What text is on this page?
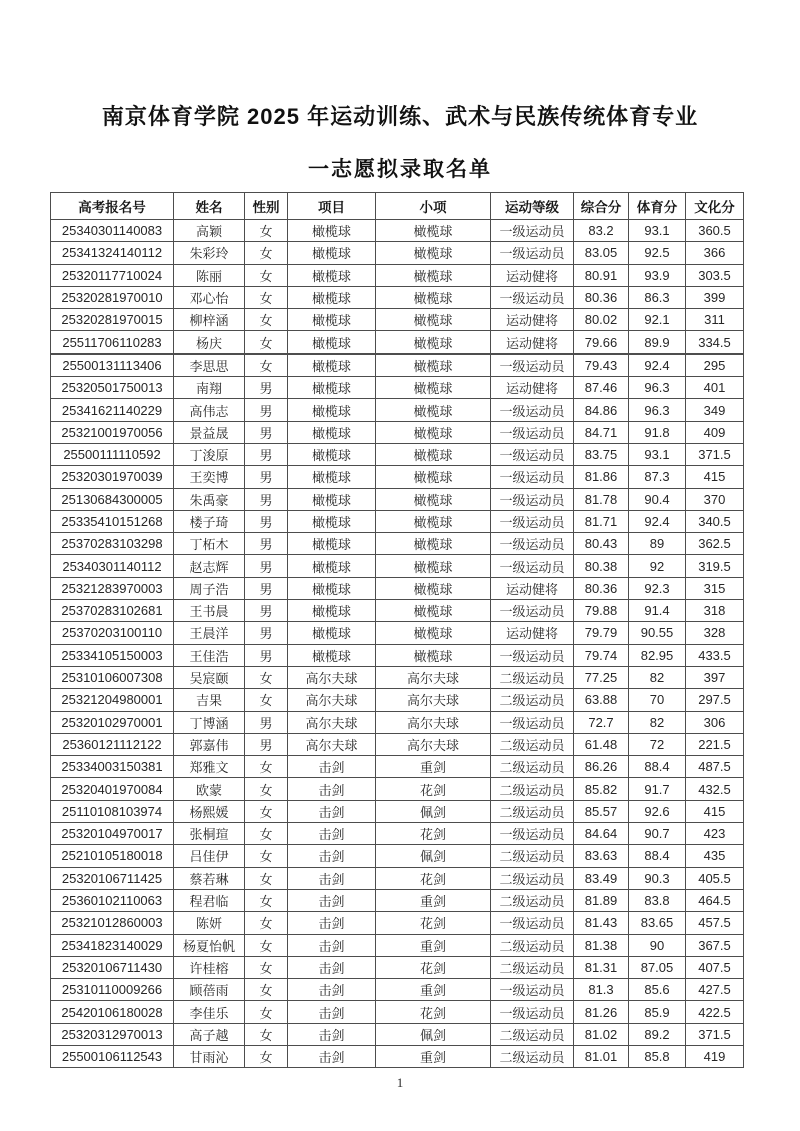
南京体育学院 2025 年运动训练、武术与民族传统体育专业
一志愿拟录取名单
高考报名号	姓名	性别	项目	小项	运动等级	综合分	体育分	文化分
25340301140083	高颖	女	橄榄球	橄榄球	一级运动员	83.2	93.1	360.5
25341324140112	朱彩玲	女	橄榄球	橄榄球	一级运动员	83.05	92.5	366
25320117710024	陈丽	女	橄榄球	橄榄球	运动健将	80.91	93.9	303.5
25320281970010	邓心怡	女	橄榄球	橄榄球	一级运动员	80.36	86.3	399
25320281970015	柳梓涵	女	橄榄球	橄榄球	运动健将	80.02	92.1	311
25511706110283	杨庆	女	橄榄球	橄榄球	运动健将	79.66	89.9	334.5
25500131113406	李思思	女	橄榄球	橄榄球	一级运动员	79.43	92.4	295
25320501750013	南翔	男	橄榄球	橄榄球	运动健将	87.46	96.3	401
25341621140229	高伟志	男	橄榄球	橄榄球	一级运动员	84.86	96.3	349
25321001970056	景益晟	男	橄榄球	橄榄球	一级运动员	84.71	91.8	409
25500111110592	丁浚原	男	橄榄球	橄榄球	一级运动员	83.75	93.1	371.5
25320301970039	王奕博	男	橄榄球	橄榄球	一级运动员	81.86	87.3	415
25130684300005	朱禹豪	男	橄榄球	橄榄球	一级运动员	81.78	90.4	370
25335410151268	楼子琦	男	橄榄球	橄榄球	一级运动员	81.71	92.4	340.5
25370283103298	丁柘木	男	橄榄球	橄榄球	一级运动员	80.43	89	362.5
25340301140112	赵志辉	男	橄榄球	橄榄球	一级运动员	80.38	92	319.5
25321283970003	周子浩	男	橄榄球	橄榄球	运动健将	80.36	92.3	315
25370283102681	王书晨	男	橄榄球	橄榄球	一级运动员	79.88	91.4	318
25370203100110	王晨洋	男	橄榄球	橄榄球	运动健将	79.79	90.55	328
25334105150003	王佳浩	男	橄榄球	橄榄球	一级运动员	79.74	82.95	433.5
25310106007308	吴宸颐	女	高尔夫球	高尔夫球	二级运动员	77.25	82	397
25321204980001	吉果	女	高尔夫球	高尔夫球	二级运动员	63.88	70	297.5
25320102970001	丁博涵	男	高尔夫球	高尔夫球	一级运动员	72.7	82	306
25360121112122	郭嘉伟	男	高尔夫球	高尔夫球	二级运动员	61.48	72	221.5
25334003150381	郑雅文	女	击剑	重剑	二级运动员	86.26	88.4	487.5
25320401970084	欧蒙	女	击剑	花剑	二级运动员	85.82	91.7	432.5
25110108103974	杨熙媛	女	击剑	佩剑	二级运动员	85.57	92.6	415
25320104970017	张桐瑄	女	击剑	花剑	一级运动员	84.64	90.7	423
25210105180018	吕佳伊	女	击剑	佩剑	二级运动员	83.63	88.4	435
25320106711425	蔡若琳	女	击剑	花剑	二级运动员	83.49	90.3	405.5
25360102110063	程君临	女	击剑	重剑	二级运动员	81.89	83.8	464.5
25321012860003	陈妍	女	击剑	花剑	一级运动员	81.43	83.65	457.5
25341823140029	杨夏怡帆	女	击剑	重剑	二级运动员	81.38	90	367.5
25320106711430	许桂榕	女	击剑	花剑	二级运动员	81.31	87.05	407.5
25310110009266	顾蓓雨	女	击剑	重剑	一级运动员	81.3	85.6	427.5
25420106180028	李佳乐	女	击剑	花剑	一级运动员	81.26	85.9	422.5
25320312970013	高子越	女	击剑	佩剑	二级运动员	81.02	89.2	371.5
25500106112543	甘雨沁	女	击剑	重剑	二级运动员	81.01	85.8	419
1
